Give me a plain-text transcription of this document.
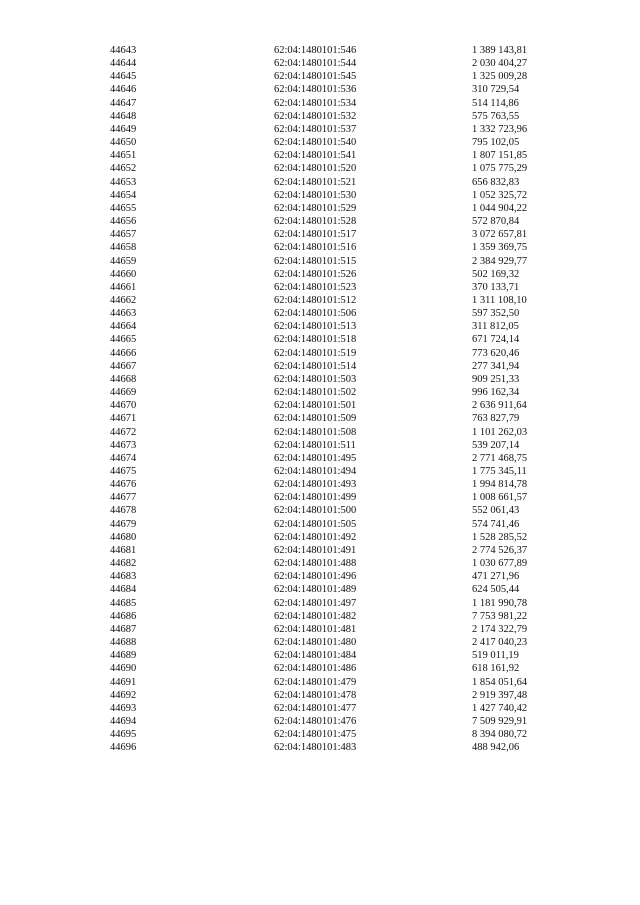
44643	62:04:1480101:546	1 389 143,81
44644	62:04:1480101:544	2 030 404,27
44645	62:04:1480101:545	1 325 009,28
44646	62:04:1480101:536	310 729,54
44647	62:04:1480101:534	514 114,86
44648	62:04:1480101:532	575 763,55
44649	62:04:1480101:537	1 332 723,96
44650	62:04:1480101:540	795 102,05
44651	62:04:1480101:541	1 807 151,85
44652	62:04:1480101:520	1 075 775,29
44653	62:04:1480101:521	656 832,83
44654	62:04:1480101:530	1 052 325,72
44655	62:04:1480101:529	1 044 904,22
44656	62:04:1480101:528	572 870,84
44657	62:04:1480101:517	3 072 657,81
44658	62:04:1480101:516	1 359 369,75
44659	62:04:1480101:515	2 384 929,77
44660	62:04:1480101:526	502 169,32
44661	62:04:1480101:523	370 133,71
44662	62:04:1480101:512	1 311 108,10
44663	62:04:1480101:506	597 352,50
44664	62:04:1480101:513	311 812,05
44665	62:04:1480101:518	671 724,14
44666	62:04:1480101:519	773 620,46
44667	62:04:1480101:514	277 341,94
44668	62:04:1480101:503	909 251,33
44669	62:04:1480101:502	996 162,34
44670	62:04:1480101:501	2 636 911,64
44671	62:04:1480101:509	763 827,79
44672	62:04:1480101:508	1 101 262,03
44673	62:04:1480101:511	539 207,14
44674	62:04:1480101:495	2 771 468,75
44675	62:04:1480101:494	1 775 345,11
44676	62:04:1480101:493	1 994 814,78
44677	62:04:1480101:499	1 008 661,57
44678	62:04:1480101:500	552 061,43
44679	62:04:1480101:505	574 741,46
44680	62:04:1480101:492	1 528 285,52
44681	62:04:1480101:491	2 774 526,37
44682	62:04:1480101:488	1 030 677,89
44683	62:04:1480101:496	471 271,96
44684	62:04:1480101:489	624 505,44
44685	62:04:1480101:497	1 181 990,78
44686	62:04:1480101:482	7 753 981,22
44687	62:04:1480101:481	2 174 322,79
44688	62:04:1480101:480	2 417 040,23
44689	62:04:1480101:484	519 011,19
44690	62:04:1480101:486	618 161,92
44691	62:04:1480101:479	1 854 051,64
44692	62:04:1480101:478	2 919 397,48
44693	62:04:1480101:477	1 427 740,42
44694	62:04:1480101:476	7 509 929,91
44695	62:04:1480101:475	8 394 080,72
44696	62:04:1480101:483	488 942,06
